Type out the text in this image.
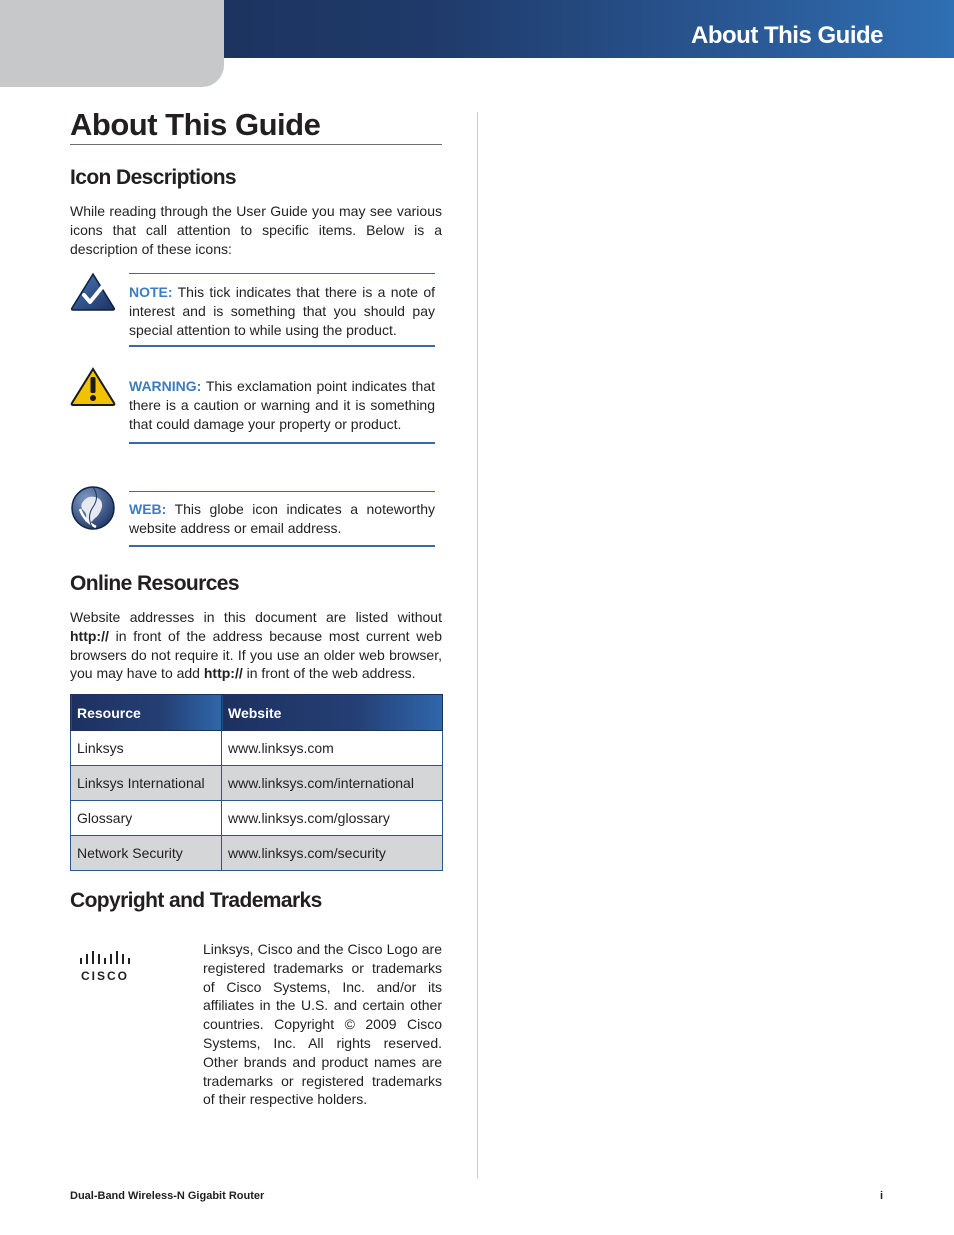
About This Guide
About This Guide
Icon Descriptions

While reading through the User Guide you may see various icons that call attention to specific items. Below is a description of these icons:

NOTE: This tick indicates that there is a note of interest and is something that you should pay special attention to while using the product.

WARNING: This exclamation point indicates that there is a caution or warning and it is something that could damage your property or product.

WEB: This globe icon indicates a noteworthy website address or email address.

Online Resources

Website addresses in this document are listed without http:// in front of the address because most current web browsers do not require it. If you use an older web browser, you may have to add http:// in front of the web address.

Resource	Website
Linksys	www.linksys.com
Linksys International	www.linksys.com/international
Glossary	www.linksys.com/glossary
Network Security	www.linksys.com/security
Copyright and Trademarks
CISCO

Linksys, Cisco and the Cisco Logo are registered trademarks or trademarks of Cisco Systems, Inc. and/or its affiliates in the U.S. and certain other countries. Copyright © 2009 Cisco Systems, Inc. All rights reserved. Other brands and product names are trademarks or registered trademarks of their respective holders.

Dual-Band Wireless-N Gigabit Router	i
